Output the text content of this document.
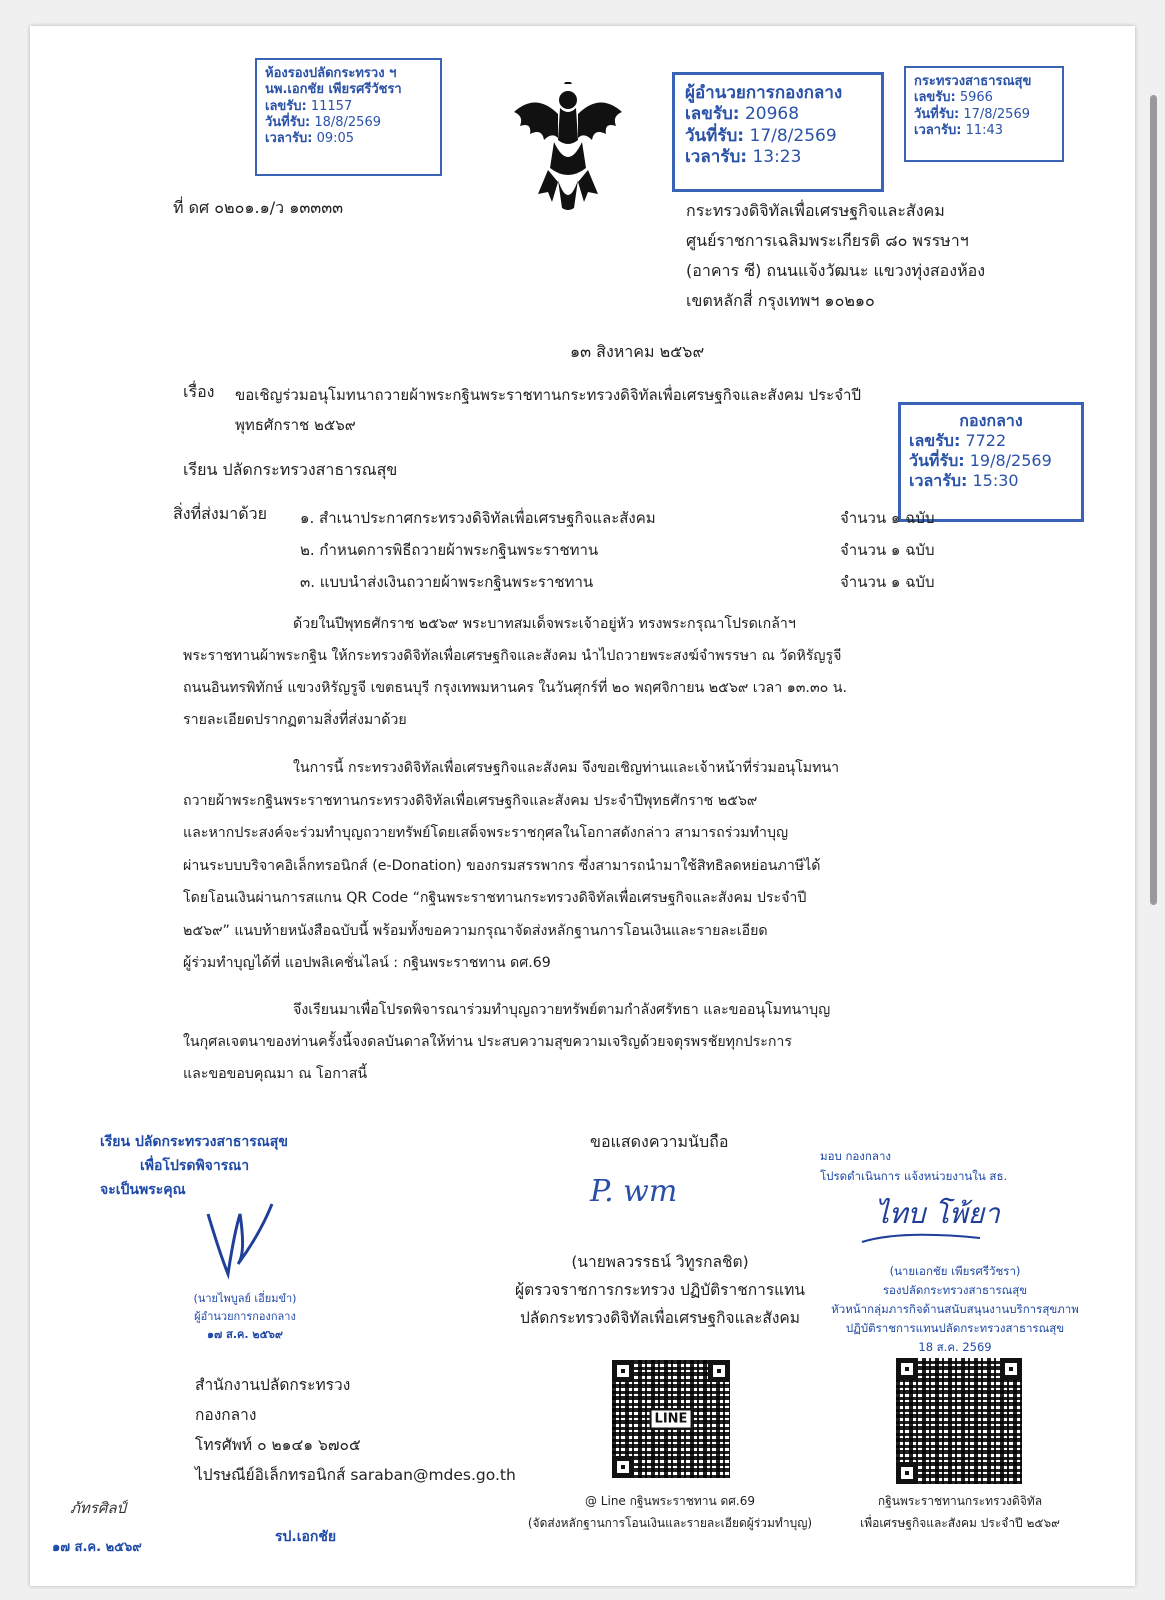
ห้องรองปลัดกระทรวง ฯ
นพ.เอกชัย เพียรศรีวัชรา
เลขรับ: 11157
วันที่รับ: 18/8/2569
เวลารับ: 09:05
ผู้อำนวยการกองกลาง
เลขรับ: 20968
วันที่รับ: 17/8/2569
เวลารับ: 13:23
กระทรวงสาธารณสุข
เลขรับ: 5966
วันที่รับ: 17/8/2569
เวลารับ: 11:43
ที่ ดศ ๐๒๐๑.๑/ว ๑๓๓๓๓	กระทรวงดิจิทัลเพื่อเศรษฐกิจและสังคม
ศูนย์ราชการเฉลิมพระเกียรติ ๘๐ พรรษาฯ
(อาคาร ซี) ถนนแจ้งวัฒนะ แขวงทุ่งสองห้อง
เขตหลักสี่ กรุงเทพฯ ๑๐๒๑๐
๑๓ สิงหาคม ๒๕๖๙
เรื่อง ขอเชิญร่วมอนุโมทนาถวายผ้าพระกฐินพระราชทานกระทรวงดิจิทัลเพื่อเศรษฐกิจและสังคม ประจำปี
พุทธศักราช ๒๕๖๙	กองกลาง
เลขรับ: 7722
วันที่รับ: 19/8/2569
เวลารับ: 15:30
เรียน ปลัดกระทรวงสาธารณสุข
สิ่งที่ส่งมาด้วย ๑. สำเนาประกาศกระทรวงดิจิทัลเพื่อเศรษฐกิจและสังคม
๒. กำหนดการพิธีถวายผ้าพระกฐินพระราชทาน
๓. แบบนำส่งเงินถวายผ้าพระกฐินพระราชทาน
จำนวน ๑ ฉบับ
จำนวน ๑ ฉบับ
จำนวน ๑ ฉบับ
ด้วยในปีพุทธศักราช ๒๕๖๙ พระบาทสมเด็จพระเจ้าอยู่หัว ทรงพระกรุณาโปรดเกล้าฯ
พระราชทานผ้าพระกฐิน ให้กระทรวงดิจิทัลเพื่อเศรษฐกิจและสังคม นำไปถวายพระสงฆ์จำพรรษา ณ วัดหิรัญรูจี
ถนนอินทรพิทักษ์ แขวงหิรัญรูจี เขตธนบุรี กรุงเทพมหานคร ในวันศุกร์ที่ ๒๐ พฤศจิกายน ๒๕๖๙ เวลา ๑๓.๓๐ น.
รายละเอียดปรากฏตามสิ่งที่ส่งมาด้วย
ในการนี้ กระทรวงดิจิทัลเพื่อเศรษฐกิจและสังคม จึงขอเชิญท่านและเจ้าหน้าที่ร่วมอนุโมทนา
ถวายผ้าพระกฐินพระราชทานกระทรวงดิจิทัลเพื่อเศรษฐกิจและสังคม ประจำปีพุทธศักราช ๒๕๖๙
และหากประสงค์จะร่วมทำบุญถวายทรัพย์โดยเสด็จพระราชกุศลในโอกาสดังกล่าว สามารถร่วมทำบุญ
ผ่านระบบบริจาคอิเล็กทรอนิกส์ (e-Donation) ของกรมสรรพากร ซึ่งสามารถนำมาใช้สิทธิลดหย่อนภาษีได้
โดยโอนเงินผ่านการสแกน QR Code “กฐินพระราชทานกระทรวงดิจิทัลเพื่อเศรษฐกิจและสังคม ประจำปี
๒๕๖๙” แนบท้ายหนังสือฉบับนี้ พร้อมทั้งขอความกรุณาจัดส่งหลักฐานการโอนเงินและรายละเอียด
ผู้ร่วมทำบุญได้ที่ แอปพลิเคชั่นไลน์ : กฐินพระราชทาน ดศ.69
จึงเรียนมาเพื่อโปรดพิจารณาร่วมทำบุญถวายทรัพย์ตามกำลังศรัทธา และขออนุโมทนาบุญ
ในกุศลเจตนาของท่านครั้งนี้จงดลบันดาลให้ท่าน ประสบความสุขความเจริญด้วยจตุรพรชัยทุกประการ
และขอขอบคุณมา ณ โอกาสนี้
เรียน ปลัดกระทรวงสาธารณสุข
เพื่อโปรดพิจารณา
จะเป็นพระคุณ
(นายไพบูลย์ เอี่ยมขำ)
ผู้อำนวยการกองกลาง
๑๗ ส.ค. ๒๕๖๙
ขอแสดงความนับถือ
P. wm
(นายพลวรรธน์ วิทูรกลชิต)
ผู้ตรวจราชการกระทรวง ปฏิบัติราชการแทน
ปลัดกระทรวงดิจิทัลเพื่อเศรษฐกิจและสังคม
มอบ กองกลาง
โปรดดำเนินการ แจ้งหน่วยงานใน สธ.
ไทบ โพ้ยา
(นายเอกชัย เพียรศรีวัชรา)
รองปลัดกระทรวงสาธารณสุข
หัวหน้ากลุ่มภารกิจด้านสนับสนุนงานบริการสุขภาพ
ปฏิบัติราชการแทนปลัดกระทรวงสาธารณสุข
18 ส.ค. 2569
สำนักงานปลัดกระทรวง
กองกลาง
โทรศัพท์ ๐ ๒๑๔๑ ๖๗๐๕
ไปรษณีย์อิเล็กทรอนิกส์ saraban@mdes.go.th
ภัทรศิลป์
๑๗ ส.ค. ๒๕๖๙
รป.เอกชัย
LINE
@ Line กฐินพระราชทาน ดศ.69
(จัดส่งหลักฐานการโอนเงินและรายละเอียดผู้ร่วมทำบุญ)
กฐินพระราชทานกระทรวงดิจิทัล
เพื่อเศรษฐกิจและสังคม ประจำปี ๒๕๖๙
